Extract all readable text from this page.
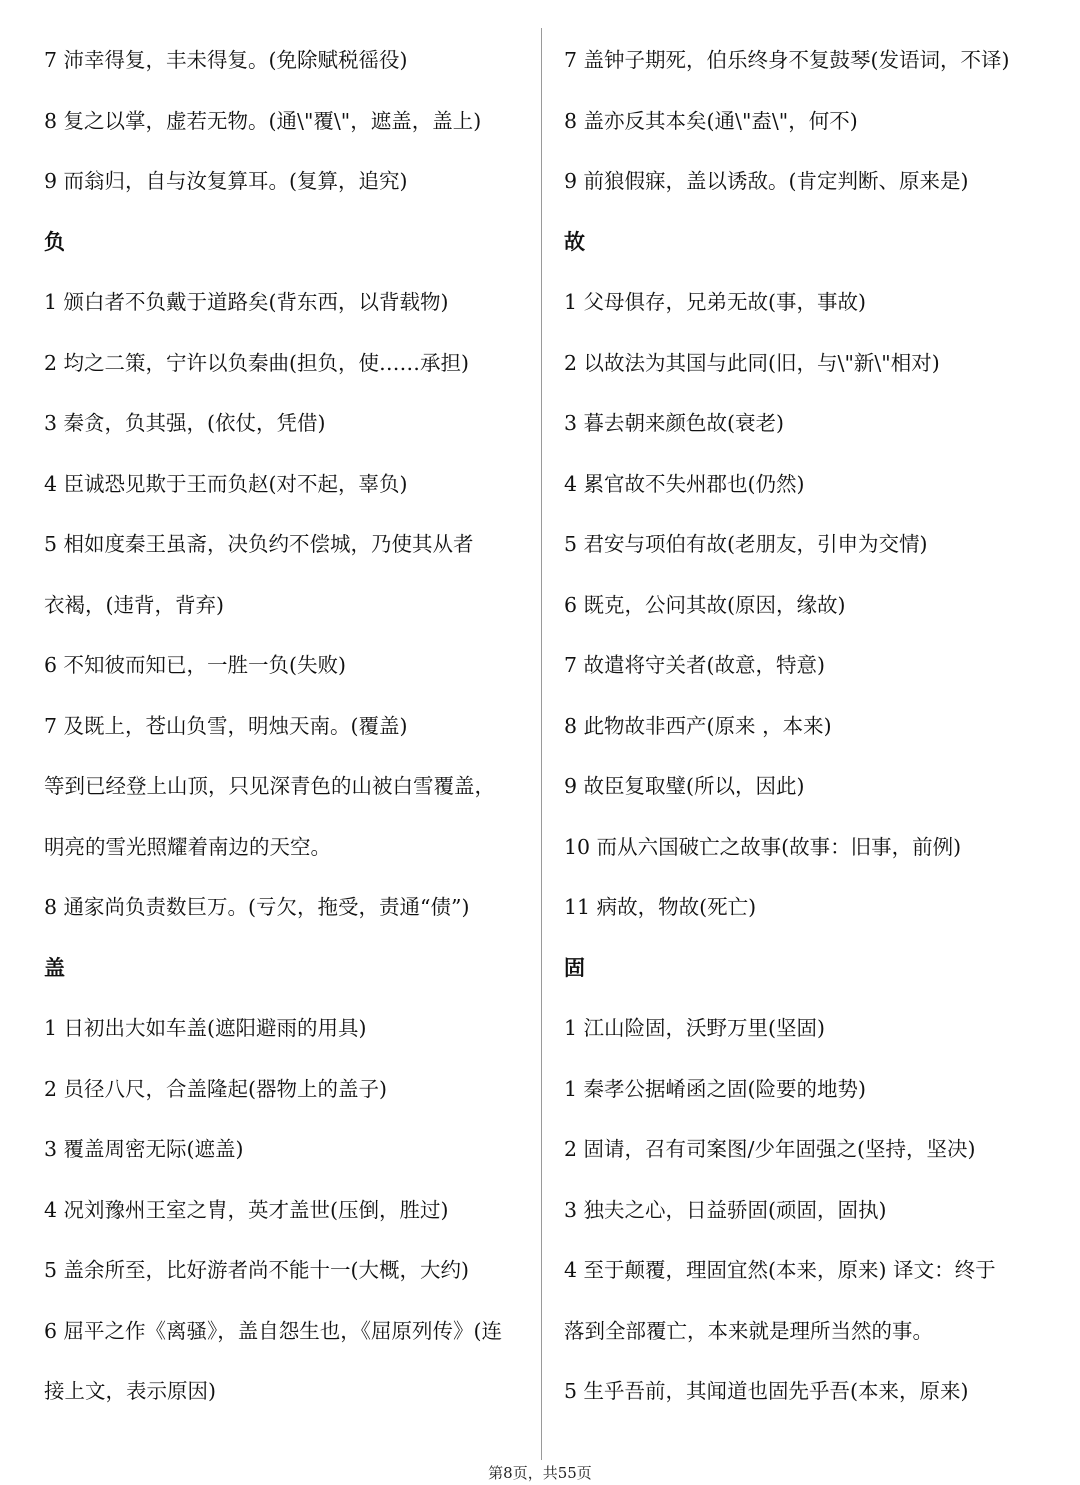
7 沛幸得复，丰未得复。(免除赋税徭役)
8 复之以掌，虚若无物。(通\"覆\"，遮盖，盖上)
9 而翁归，自与汝复算耳。(复算，追究)
负
1 颁白者不负戴于道路矣(背东西，以背载物)
2 均之二策，宁许以负秦曲(担负，使……承担)
3 秦贪，负其强，(依仗，凭借)
4 臣诚恐见欺于王而负赵(对不起，辜负)
5 相如度秦王虽斋，决负约不偿城，乃使其从者
衣褐，(违背，背弃)
6 不知彼而知已，一胜一负(失败)
7 及既上，苍山负雪，明烛天南。(覆盖)
等到已经登上山顶，只见深青色的山被白雪覆盖，
明亮的雪光照耀着南边的天空。
8 通家尚负责数巨万。(亏欠，拖受，责通“债”)
盖
1 日初出大如车盖(遮阳避雨的用具)
2 员径八尺，合盖隆起(器物上的盖子)
3 覆盖周密无际(遮盖)
4 况刘豫州王室之胄，英才盖世(压倒，胜过)
5 盖余所至，比好游者尚不能十一(大概，大约)
6 屈平之作《离骚》，盖自怨生也，《屈原列传》(连
接上文，表示原因)
7 盖钟子期死，伯乐终身不复鼓琴(发语词，不译)
8 盖亦反其本矣(通\"盍\"，何不)
9 前狼假寐，盖以诱敌。(肯定判断、原来是)
故
1 父母俱存，兄弟无故(事，事故)
2 以故法为其国与此同(旧，与\"新\"相对)
3 暮去朝来颜色故(衰老)
4 累官故不失州郡也(仍然)
5 君安与项伯有故(老朋友，引申为交情)
6 既克，公问其故(原因，缘故)
7 故遣将守关者(故意，特意)
8 此物故非西产(原来 ，本来)
9 故臣复取璧(所以，因此)
10 而从六国破亡之故事(故事：旧事，前例)
11 病故，物故(死亡)
固
1 江山险固，沃野万里(坚固)
1 秦孝公据崤函之固(险要的地势)
2 固请，召有司案图/少年固强之(坚持，坚决)
3 独夫之心，日益骄固(顽固，固执)
4 至于颠覆，理固宜然(本来，原来) 译文：终于
落到全部覆亡，本来就是理所当然的事。
5 生乎吾前，其闻道也固先乎吾(本来，原来)
第8页，共55页
